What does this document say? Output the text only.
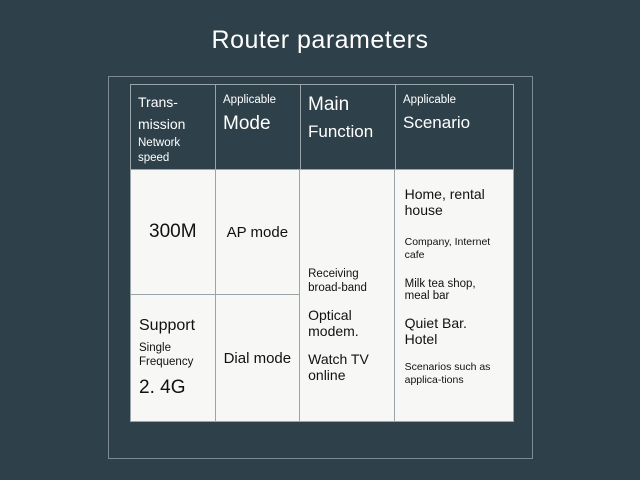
Router parameters
Trans-
mission
Network speed
Applicable
Mode
Main
Function
Applicable
Scenario
300M
Support
Single Frequency
2. 4G
AP mode
Dial mode
Receiving broad-band
Optical modem.
Watch TV online
Home, rental house
Company, Internet cafe
Milk tea shop, meal bar
Quiet Bar. Hotel
Scenarios such as applica-tions
